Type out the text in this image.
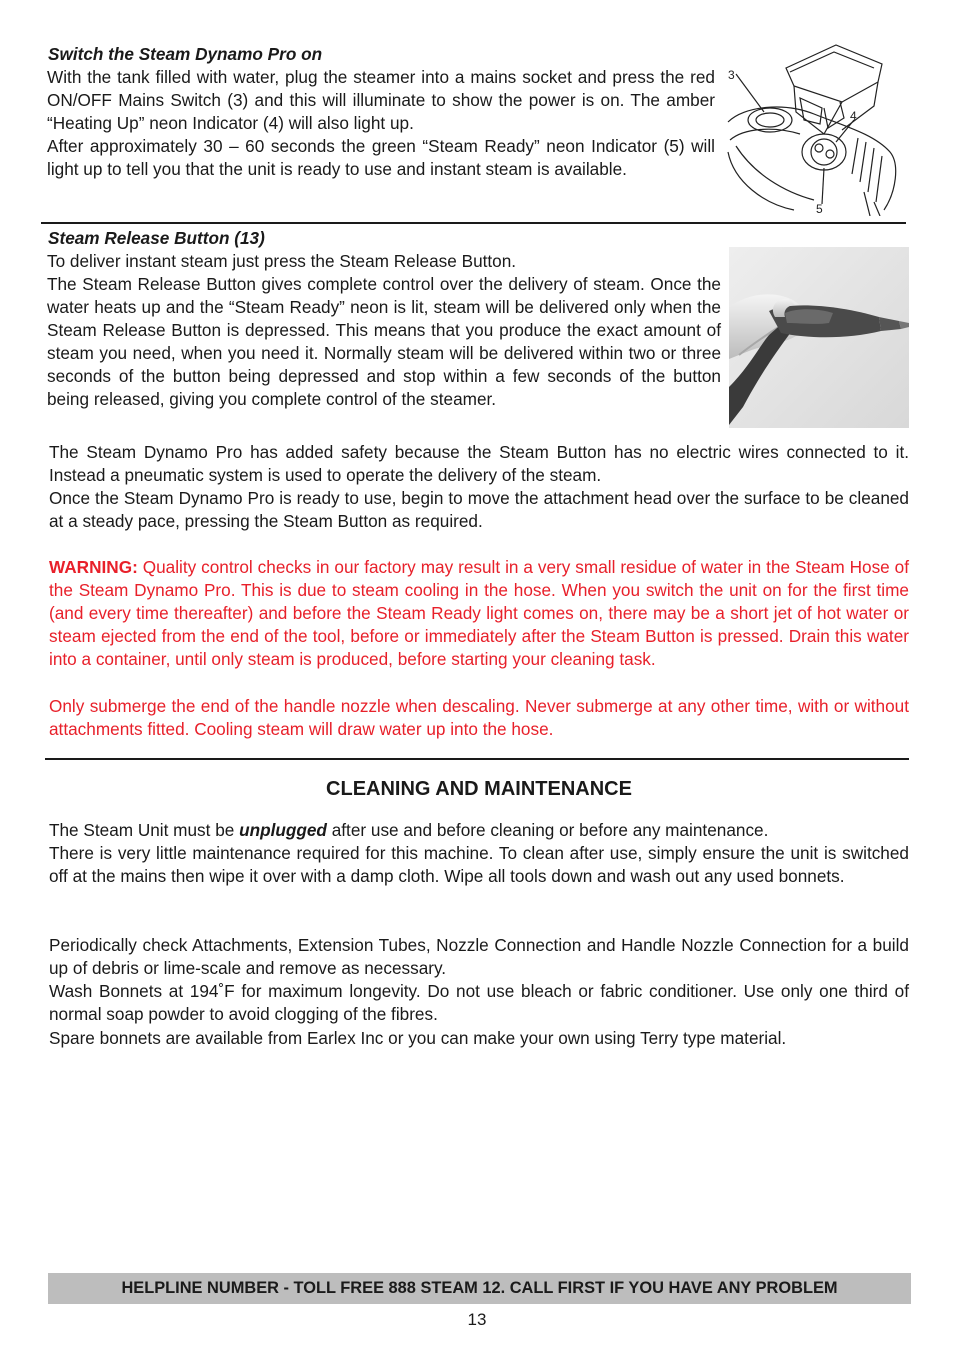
Switch the Steam Dynamo Pro on

With the tank filled with water, plug the steamer into a mains socket and press the red ON/OFF Mains Switch (3) and this will illuminate to show the power is on. The amber “Heating Up” neon Indicator (4) will also light up.

After approximately 30 – 60 seconds the green “Steam Ready” neon Indicator (5) will light up to tell you that the unit is ready to use and instant steam is available.

3
4
5

Steam Release Button (13)

To deliver instant steam just press the Steam Release Button.

The Steam Release Button gives complete control over the delivery of steam. Once the water heats up and the “Steam Ready” neon is lit, steam will be delivered only when the Steam Release Button is depressed. This means that you produce the exact amount of steam you need, when you need it. Normally steam will be delivered within two or three seconds of the button being depressed and stop within a few seconds of the button being released, giving you complete control of the steamer.

The Steam Dynamo Pro has added safety because the Steam Button has no electric wires connected to it. Instead a pneumatic system is used to operate the delivery of the steam.

Once the Steam Dynamo Pro is ready to use, begin to move the attachment head over the surface to be cleaned at a steady pace, pressing the Steam Button as required.

WARNING: Quality control checks in our factory may result in a very small residue of water in the Steam Hose of the Steam Dynamo Pro. This is due to steam cooling in the hose. When you switch the unit on for the first time (and every time thereafter) and before the Steam Ready light comes on, there may be a short jet of hot water or steam ejected from the end of the tool, before or immediately after the Steam Button is pressed. Drain this water into a container, until only steam is produced, before starting your cleaning task.

Only submerge the end of the handle nozzle when descaling. Never submerge at any other time, with or without attachments fitted. Cooling steam will draw water up into the hose.

CLEANING AND MAINTENANCE

The Steam Unit must be unplugged after use and before cleaning or before any maintenance.

There is very little maintenance required for this machine. To clean after use, simply ensure the unit is switched off at the mains then wipe it over with a damp cloth. Wipe all tools down and wash out any used bonnets.

Periodically check Attachments, Extension Tubes, Nozzle Connection and Handle Nozzle Connection for a build up of debris or lime-scale and remove as necessary.

Wash Bonnets at 194˚F for maximum longevity. Do not use bleach or fabric conditioner. Use only one third of normal soap powder to avoid clogging of the fibres.

Spare bonnets are available from Earlex Inc or you can make your own using Terry type material.

HELPLINE NUMBER - TOLL FREE 888 STEAM 12. CALL FIRST IF YOU HAVE ANY PROBLEM
13
